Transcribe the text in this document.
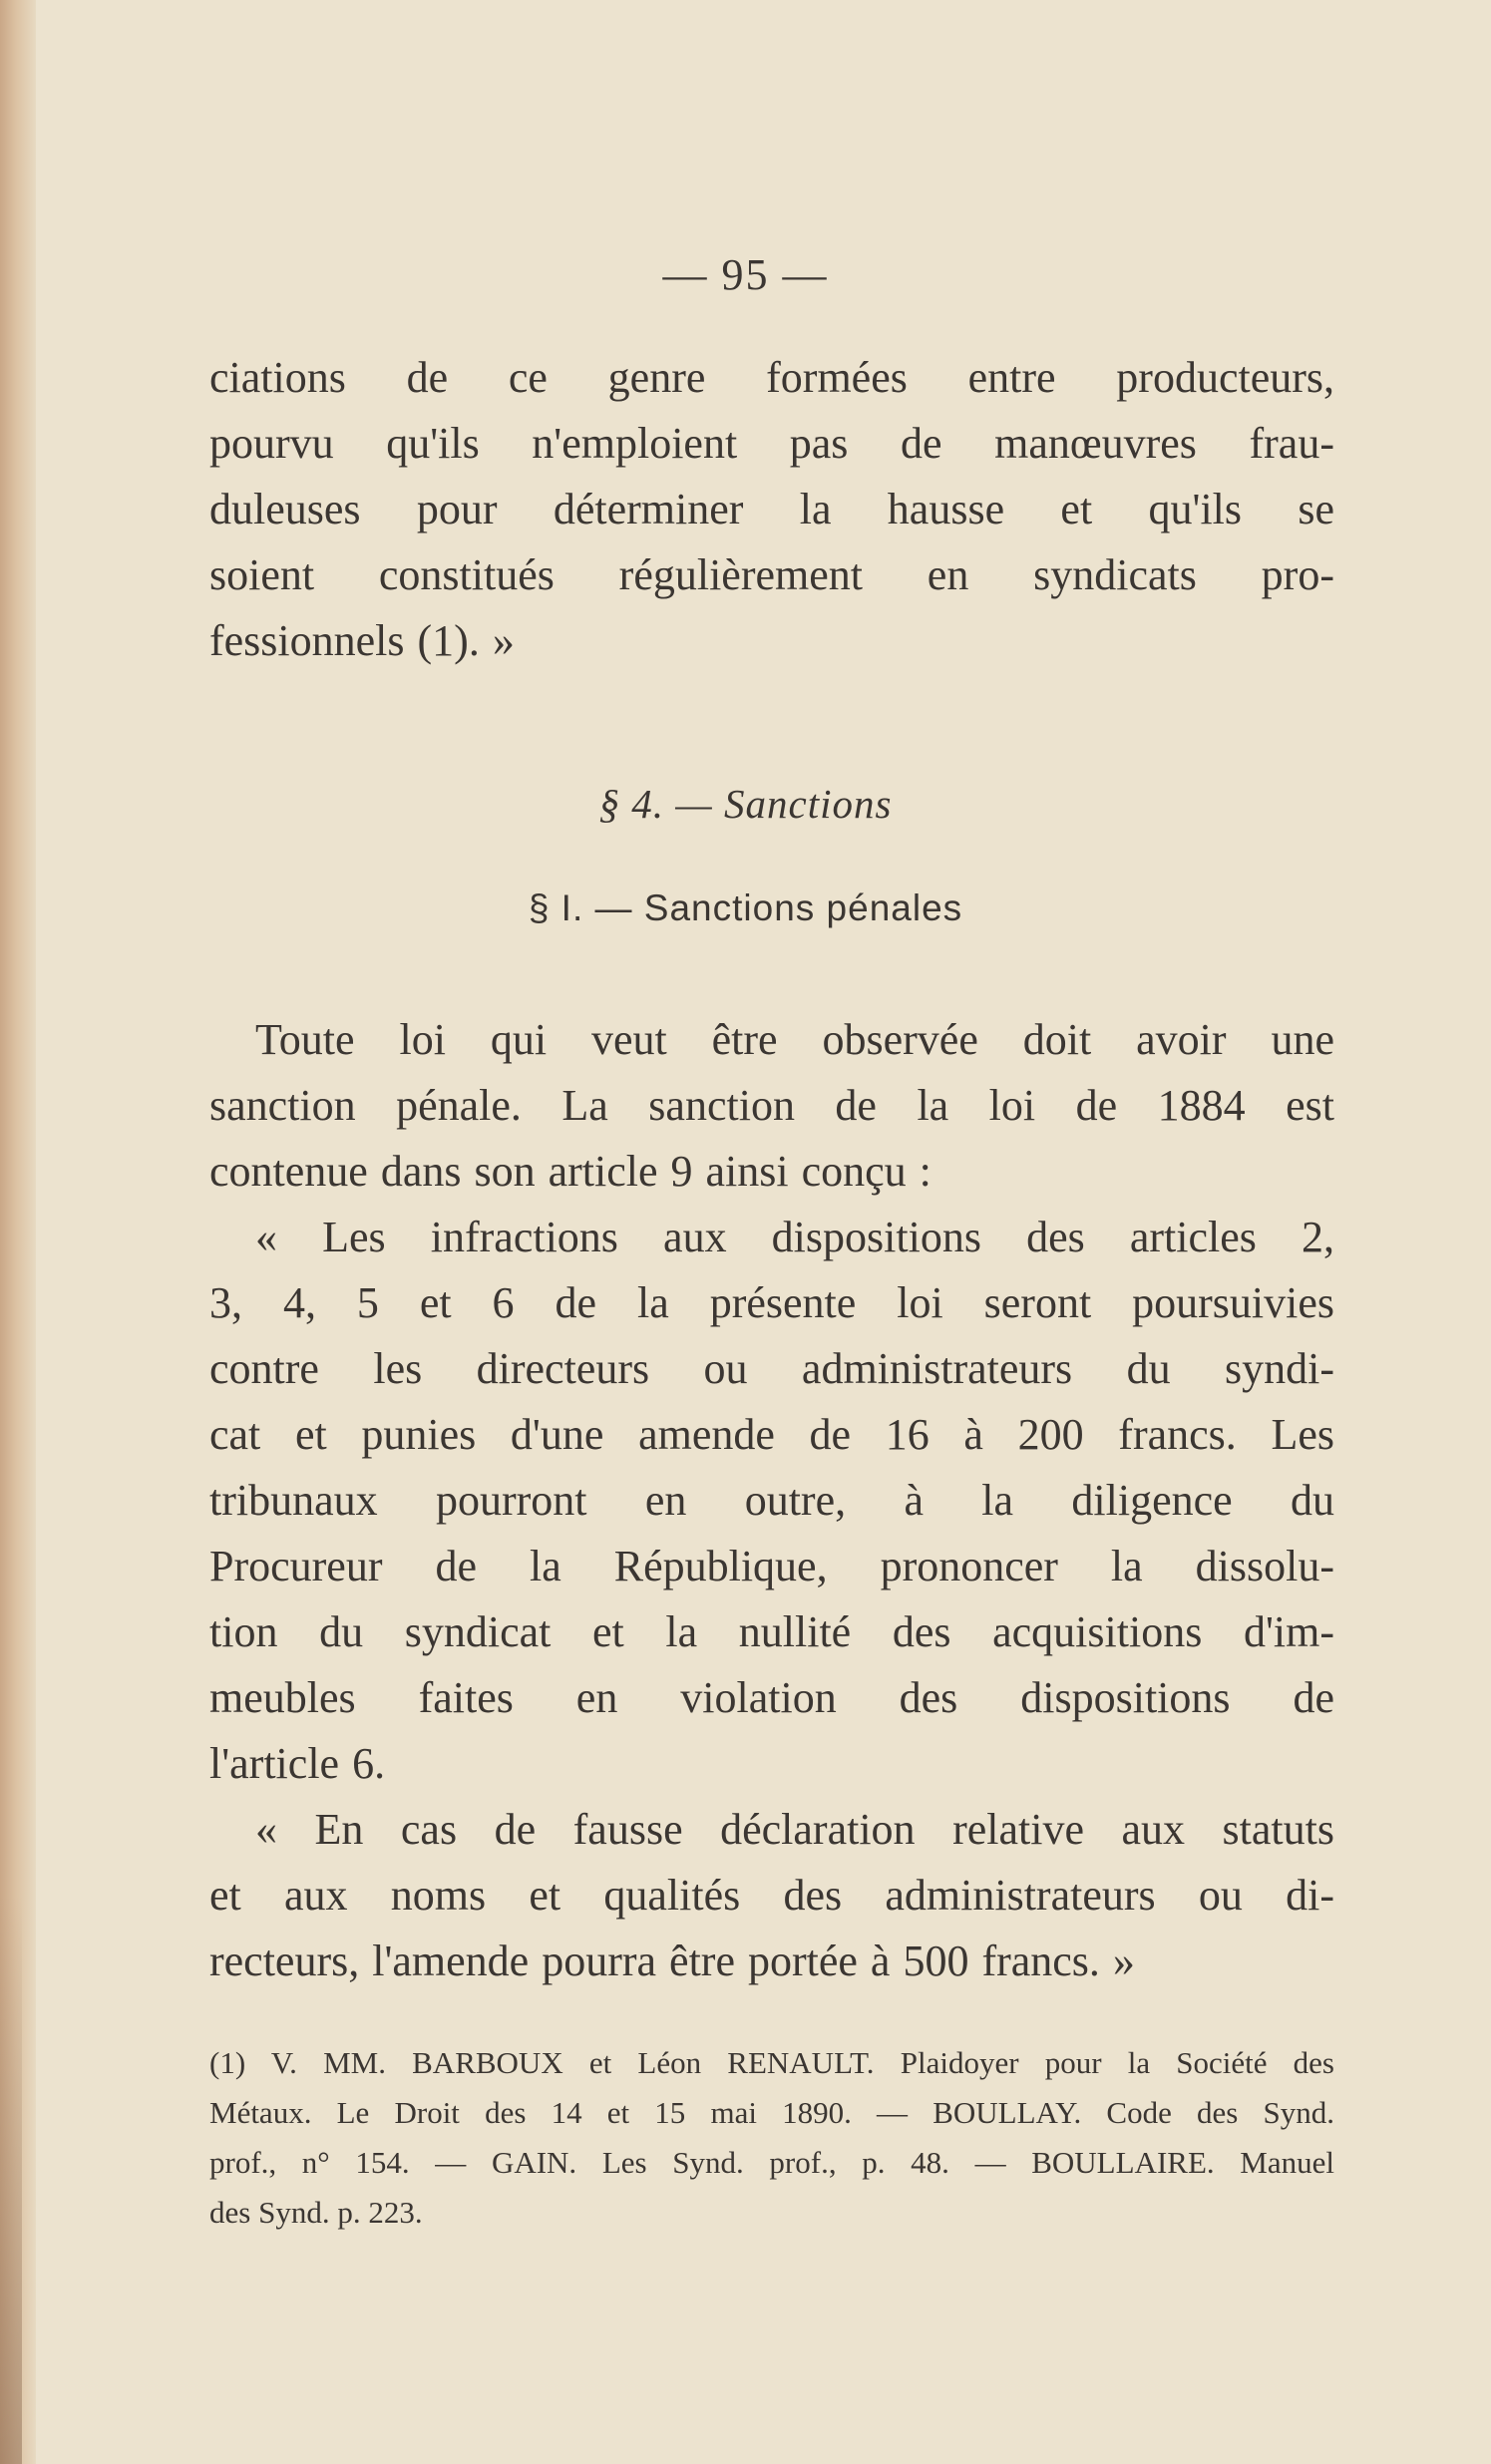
— 95 —
ciations de ce genre formées entre producteurs,
pourvu qu'ils n'emploient pas de manœuvres frau-
duleuses pour déterminer la hausse et qu'ils se
soient constitués régulièrement en syndicats pro-
fessionnels (1). »
§ 4. — Sanctions
§ I. — Sanctions pénales
Toute loi qui veut être observée doit avoir une
sanction pénale. La sanction de la loi de 1884 est
contenue dans son article 9 ainsi conçu :
« Les infractions aux dispositions des articles 2,
3, 4, 5 et 6 de la présente loi seront poursuivies
contre les directeurs ou administrateurs du syndi-
cat et punies d'une amende de 16 à 200 francs. Les
tribunaux pourront en outre, à la diligence du
Procureur de la République, prononcer la dissolu-
tion du syndicat et la nullité des acquisitions d'im-
meubles faites en violation des dispositions de
l'article 6.
« En cas de fausse déclaration relative aux statuts
et aux noms et qualités des administrateurs ou di-
recteurs, l'amende pourra être portée à 500 francs. »
(1) V. MM. BARBOUX et Léon RENAULT. Plaidoyer pour la Société des
Métaux. Le Droit des 14 et 15 mai 1890. — BOULLAY. Code des Synd.
prof., n° 154. — GAIN. Les Synd. prof., p. 48. — BOULLAIRE. Manuel
des Synd. p. 223.
